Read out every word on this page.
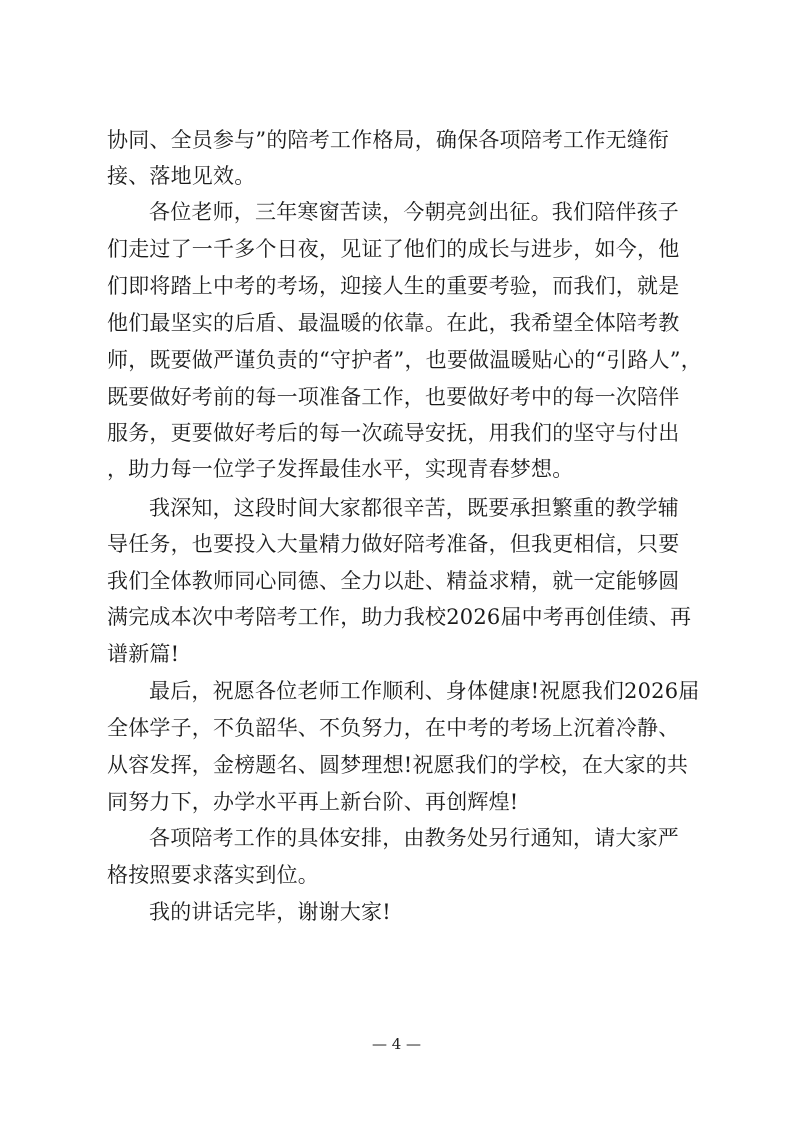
协同、全员参与”的陪考工作格局，确保各项陪考工作无缝衔
接、落地见效。
各位老师，三年寒窗苦读，今朝亮剑出征。我们陪伴孩子
们走过了一千多个日夜，见证了他们的成长与进步，如今，他
们即将踏上中考的考场，迎接人生的重要考验，而我们，就是
他们最坚实的后盾、最温暖的依靠。在此，我希望全体陪考教
师，既要做严谨负责的“守护者”，也要做温暖贴心的“引路人”，
既要做好考前的每一项准备工作，也要做好考中的每一次陪伴
服务，更要做好考后的每一次疏导安抚，用我们的坚守与付出
，助力每一位学子发挥最佳水平，实现青春梦想。
我深知，这段时间大家都很辛苦，既要承担繁重的教学辅
导任务，也要投入大量精力做好陪考准备，但我更相信，只要
我们全体教师同心同德、全力以赴、精益求精，就一定能够圆
满完成本次中考陪考工作，助力我校2026届中考再创佳绩、再
谱新篇!
最后，祝愿各位老师工作顺利、身体健康!祝愿我们2026届
全体学子，不负韶华、不负努力，在中考的考场上沉着冷静、
从容发挥，金榜题名、圆梦理想!祝愿我们的学校，在大家的共
同努力下，办学水平再上新台阶、再创辉煌!
各项陪考工作的具体安排，由教务处另行通知，请大家严
格按照要求落实到位。
我的讲话完毕，谢谢大家!
— 4 —
